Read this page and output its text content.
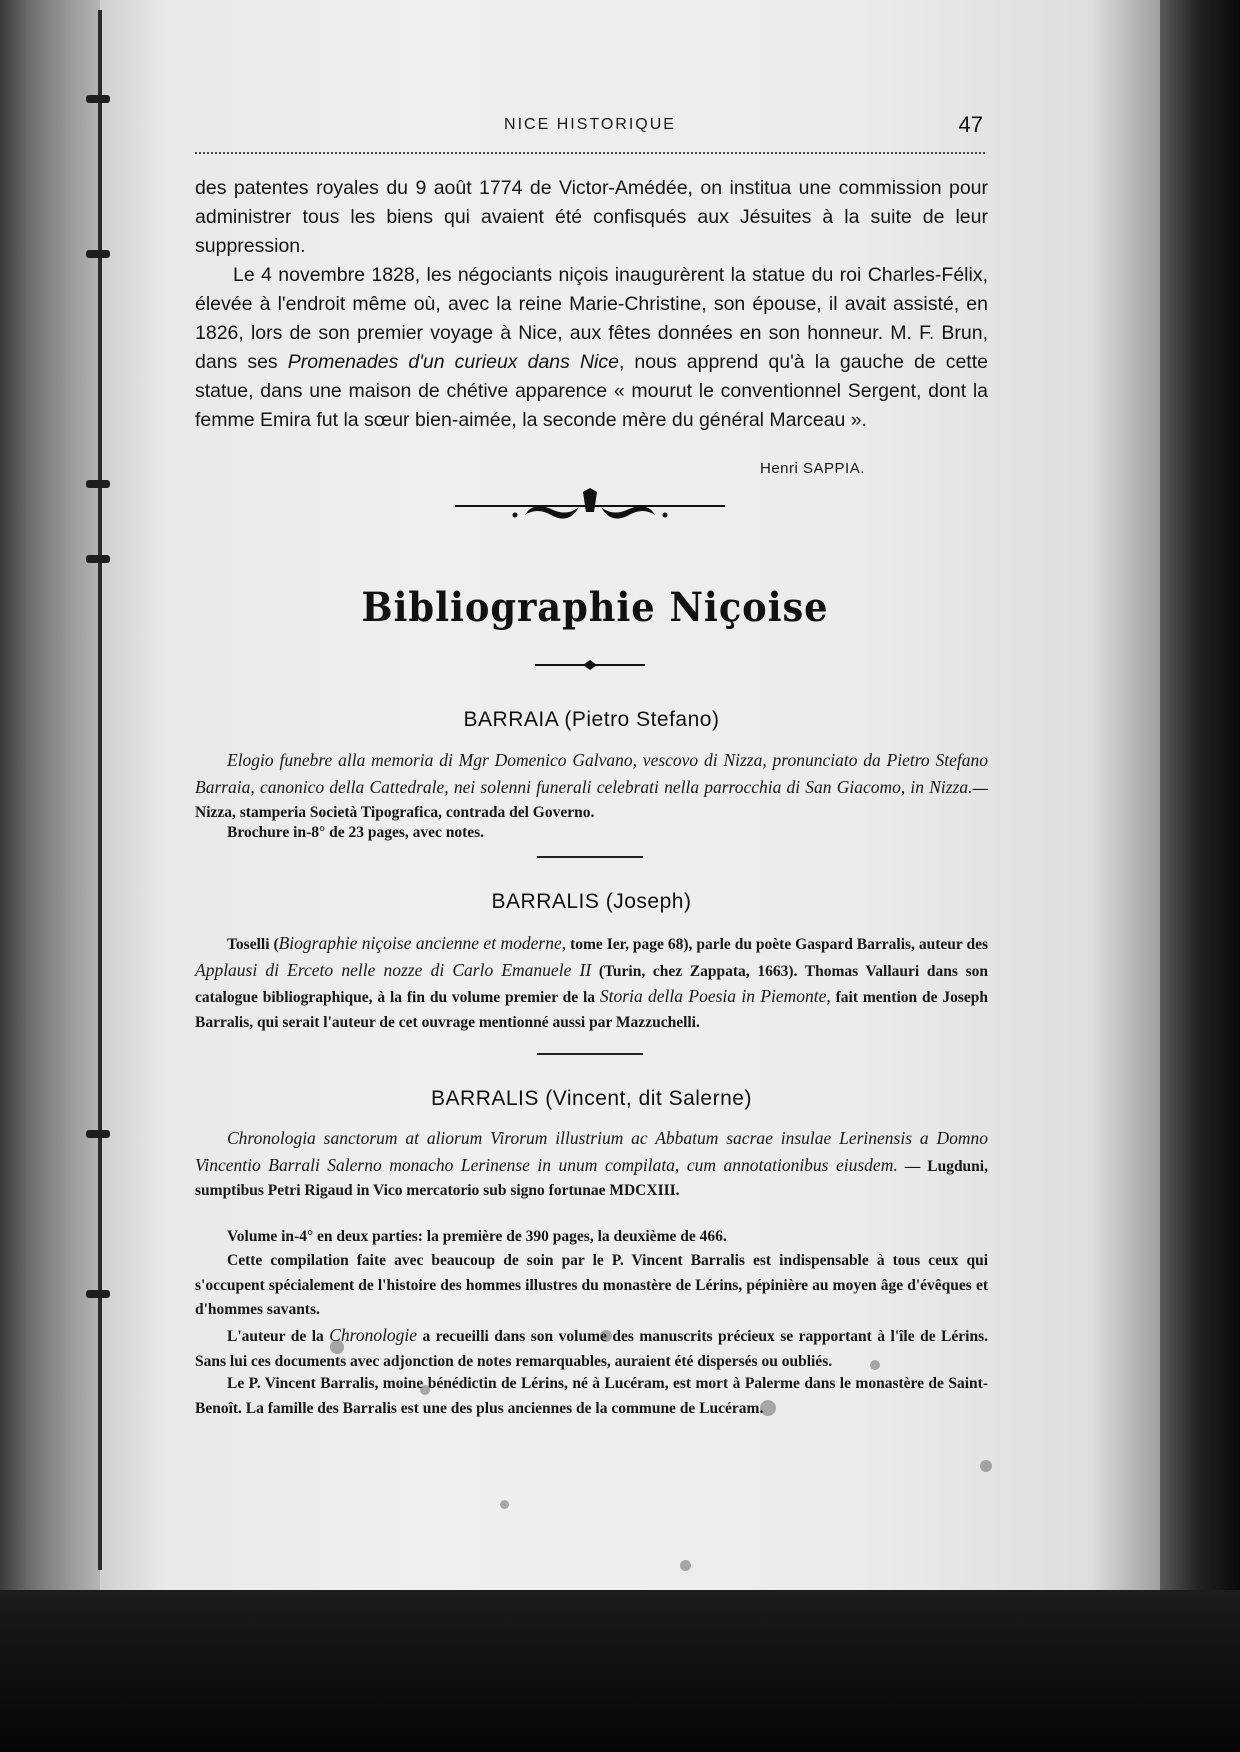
NICE HISTORIQUE	47

des patentes royales du 9 août 1774 de Victor-Amédée, on institua une commission pour administrer tous les biens qui avaient été confisqués aux Jésuites à la suite de leur suppression.

Le 4 novembre 1828, les négociants niçois inaugurèrent la statue du roi Charles-Félix, élevée à l'endroit même où, avec la reine Marie-Christine, son épouse, il avait assisté, en 1826, lors de son premier voyage à Nice, aux fêtes données en son honneur. M. F. Brun, dans ses Promenades d'un curieux dans Nice, nous apprend qu'à la gauche de cette statue, dans une maison de chétive apparence « mourut le conventionnel Sergent, dont la femme Emira fut la sœur bien-aimée, la seconde mère du général Marceau ».

Henri SAPPIA.
Bibliographie Niçoise
BARRAIA (Pietro Stefano)

Elogio funebre alla memoria di Mgr Domenico Galvano, vescovo di Nizza, pronunciato da Pietro Stefano Barraia, canonico della Cattedrale, nei solenni funerali celebrati nella parrocchia di San Giacomo, in Nizza.— Nizza, stamperia Società Tipografica, contrada del Governo.

Brochure in-8° de 23 pages, avec notes.

BARRALIS (Joseph)

Toselli (Biographie niçoise ancienne et moderne, tome Ier, page 68), parle du poète Gaspard Barralis, auteur des Applausi di Erceto nelle nozze di Carlo Emanuele II (Turin, chez Zappata, 1663). Thomas Vallauri dans son catalogue bibliographique, à la fin du volume premier de la Storia della Poesia in Piemonte, fait mention de Joseph Barralis, qui serait l'auteur de cet ouvrage mentionné aussi par Mazzuchelli.

BARRALIS (Vincent, dit Salerne)

Chronologia sanctorum at aliorum Virorum illustrium ac Abbatum sacrae insulae Lerinensis a Domno Vincentio Barrali Salerno monacho Lerinense in unum compilata, cum annotationibus eiusdem. — Lugduni, sumptibus Petri Rigaud in Vico mercatorio sub signo fortunae MDCXIII.

Volume in-4° en deux parties: la première de 390 pages, la deuxième de 466.

Cette compilation faite avec beaucoup de soin par le P. Vincent Barralis est indispensable à tous ceux qui s'occupent spécialement de l'histoire des hommes illustres du monastère de Lérins, pépinière au moyen âge d'évêques et d'hommes savants.

L'auteur de la Chronologie a recueilli dans son volume des manuscrits précieux se rapportant à l'île de Lérins. Sans lui ces documents avec adjonction de notes remarquables, auraient été dispersés ou oubliés.

Le P. Vincent Barralis, moine bénédictin de Lérins, né à Lucéram, est mort à Palerme dans le monastère de Saint-Benoît. La famille des Barralis est une des plus anciennes de la commune de Lucéram.
